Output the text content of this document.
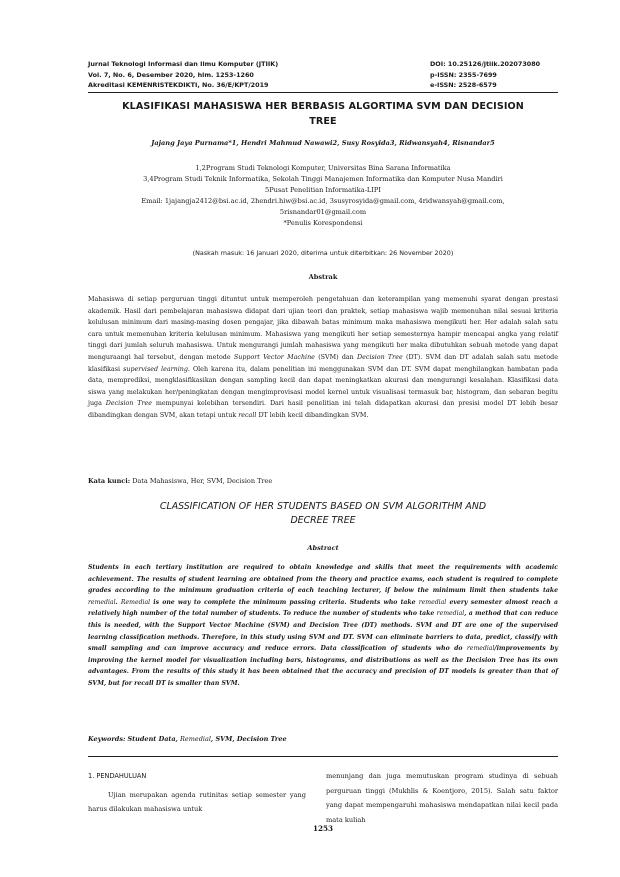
Jurnal Teknologi Informasi dan Ilmu Komputer (JTIIK)
Vol. 7, No. 6, Desember 2020, hlm. 1253-1260
Akreditasi KEMENRISTEKDIKTI, No. 36/E/KPT/2019
DOI: 10.25126/jtiik.202073080
p-ISSN: 2355-7699
e-ISSN: 2528-6579
KLASIFIKASI MAHASISWA HER BERBASIS ALGORTIMA SVM DAN DECISION
TREE
Jajang Jaya Purnama*1, Hendri Mahmud Nawawi2, Susy Rosyida3, Ridwansyah4, Risnandar5
1,2Program Studi Teknologi Komputer, Universitas Bina Sarana Informatika
3,4Program Studi Teknik Informatika, Sekolah Tinggi Manajemen Informatika dan Komputer Nusa Mandiri
5Pusat Penelitian Informatika-LIPI
Email: 1jajangja2412@bsi.ac.id, 2hendri.hiw@bsi.ac.id, 3susyrosyida@gmail.com, 4ridwansyah@gmail.com,
5risnandar01@gmail.com
*Penulis Korespondensi
(Naskah masuk: 16 Januari 2020, diterima untuk diterbitkan: 26 November 2020)
Abstrak
Mahasiswa di setiap perguruan tinggi dituntut untuk memperoleh pengetahuan dan keterampilan yang memenuhi syarat dengan prestasi akademik. Hasil dari pembelajaran mahasiswa didapat dari ujian teori dan praktek, setiap mahasiswa wajib memenuhan nilai sesuai kriteria kelulusan minimum dari masing-masing dosen pengajar, jika dibawah batas minimum maka mahasiswa mengikuti her. Her adalah salah satu cara untuk memenuhan kriteria kelulusan minimum. Mahasiswa yang mengikuti her setiap semesternya hampir mencapai angka yang relatif tinggi dari jumlah seluruh mahasiswa. Untuk mengurangi jumlah mahasiswa yang mengikuti her maka dibutuhkan sebuah metode yang dapat menguraangi hal tersebut, dengan metode Support Vector Machine (SVM) dan Decision Tree (DT). SVM dan DT adalah salah satu metode klasifikasi supervised learning. Oleh karena itu, dalam penelitian ini menggunakan SVM dan DT. SVM dapat menghilangkan hambatan pada data, memprediksi, mengklasifikasikan dengan sampling kecil dan dapat meningkatkan akurasi dan mengurangi kesalahan. Klasifikasi data siswa yang melakukan her/peningkatan dengan mengimprovisasi model kernel untuk visualisasi termasuk bar, histogram, dan sebaran begitu juga Decision Tree mempunyai kelebihan tersendiri. Dari hasil penelitian ini telah didapatkan akurasi dan presisi model DT lebih besar dibandingkan dengan SVM, akan tetapi untuk recall DT lebih kecil dibandingkan SVM.
Kata kunci: Data Mahasiswa, Her, SVM, Decision Tree
CLASSIFICATION OF HER STUDENTS BASED ON SVM ALGORITHM AND
DECREE TREE
Abstract
Students in each tertiary institution are required to obtain knowledge and skills that meet the requirements with academic achievement. The results of student learning are obtained from the theory and practice exams, each student is required to complete grades according to the minimum graduation criteria of each teaching lecturer, if below the minimum limit then students take remedial. Remedial is one way to complete the minimum passing criteria. Students who take remedial every semester almost reach a relatively high number of the total number of students. To reduce the number of students who take remedial, a method that can reduce this is needed, with the Support Vector Machine (SVM) and Decision Tree (DT) methods. SVM and DT are one of the supervised learning classification methods. Therefore, in this study using SVM and DT. SVM can eliminate barriers to data, predict, classify with small sampling and can improve accuracy and reduce errors. Data classification of students who do remedial/improvements by improving the kernel model for visualization including bars, histograms, and distributions as well as the Decision Tree has its own advantages. From the results of this study it has been obtained that the accuracy and precision of DT models is greater than that of SVM, but for recall DT is smaller than SVM.
Keywords: Student Data, Remedial, SVM, Decision Tree
1. PENDAHULUAN
Ujian merupakan agenda rutinitas setiap semester yang harus dilakukan mahasiswa untuk
menunjang dan juga memutuskan program studinya di sebuah perguruan tinggi (Mukhlis & Koentjoro, 2015). Salah satu faktor yang dapat mempengaruhi mahasiswa mendapatkan nilai kecil pada mata kuliah
1253
